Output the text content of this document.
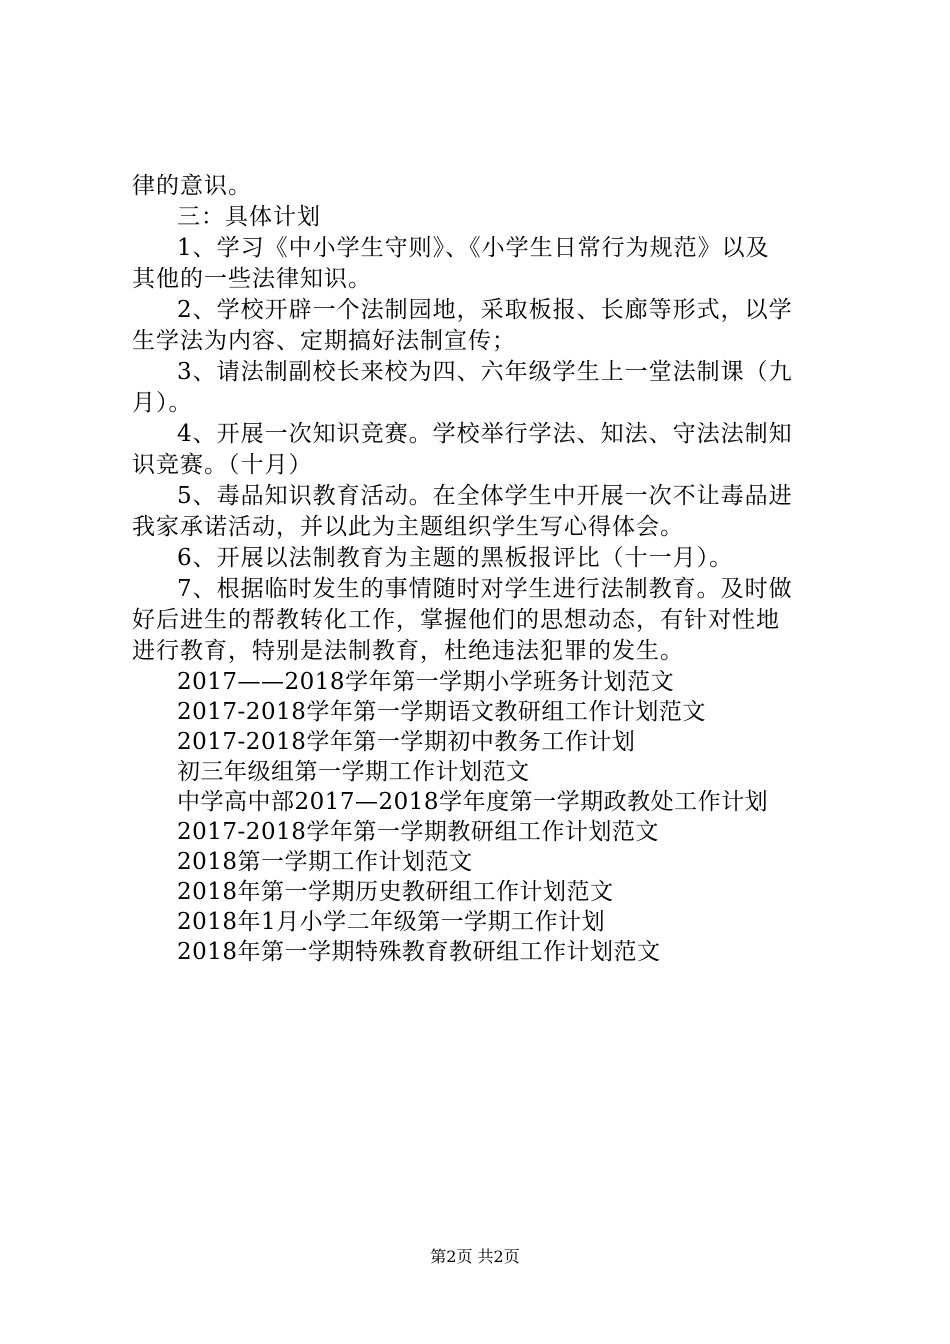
律的意识。
三：具体计划
1、学习《中小学生守则》、《小学生日常行为规范》以及
其他的一些法律知识。
2、学校开辟一个法制园地，采取板报、长廊等形式，以学
生学法为内容、定期搞好法制宣传；
3、请法制副校长来校为四、六年级学生上一堂法制课（九
月）。
4、开展一次知识竞赛。学校举行学法、知法、守法法制知
识竞赛。（十月）
5、毒品知识教育活动。在全体学生中开展一次不让毒品进
我家承诺活动，并以此为主题组织学生写心得体会。
6、开展以法制教育为主题的黑板报评比（十一月）。
7、根据临时发生的事情随时对学生进行法制教育。及时做
好后进生的帮教转化工作，掌握他们的思想动态，有针对性地
进行教育，特别是法制教育，杜绝违法犯罪的发生。
2017——2018学年第一学期小学班务计划范文
2017-2018学年第一学期语文教研组工作计划范文
2017-2018学年第一学期初中教务工作计划
初三年级组第一学期工作计划范文
中学高中部2017—2018学年度第一学期政教处工作计划
2017-2018学年第一学期教研组工作计划范文
2018第一学期工作计划范文
2018年第一学期历史教研组工作计划范文
2018年1月小学二年级第一学期工作计划
2018年第一学期特殊教育教研组工作计划范文
第2页 共2页
